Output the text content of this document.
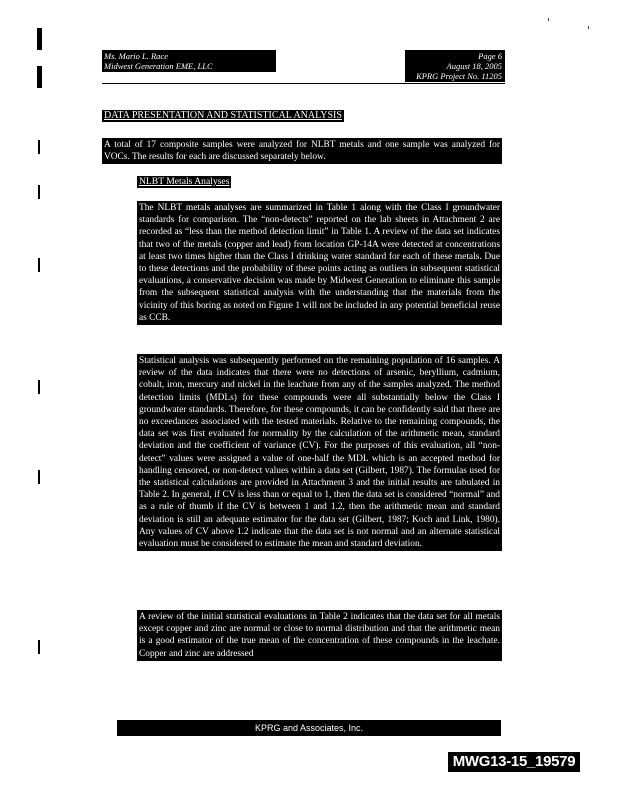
Ms. Mario L. Race
Midwest Generation EME, LLC
Page 6
August 18, 2005
KPRG Project No. 11205
DATA PRESENTATION AND STATISTICAL ANALYSIS
A total of 17 composite samples were analyzed for NLBT metals and one sample was analyzed for VOCs. The results for each are discussed separately below.
NLBT Metals Analyses
The NLBT metals analyses are summarized in Table 1 along with the Class I groundwater standards for comparison. The “non-detects” reported on the lab sheets in Attachment 2 are recorded as “less than the method detection limit” in Table 1. A review of the data set indicates that two of the metals (copper and lead) from location GP-14A were detected at concentrations at least two times higher than the Class I drinking water standard for each of these metals. Due to these detections and the probability of these points acting as outliers in subsequent statistical evaluations, a conservative decision was made by Midwest Generation to eliminate this sample from the subsequent statistical analysis with the understanding that the materials from the vicinity of this boring as noted on Figure 1 will not be included in any potential beneficial reuse as CCB.
Statistical analysis was subsequently performed on the remaining population of 16 samples. A review of the data indicates that there were no detections of arsenic, beryllium, cadmium, cobalt, iron, mercury and nickel in the leachate from any of the samples analyzed. The method detection limits (MDLs) for these compounds were all substantially below the Class I groundwater standards. Therefore, for these compounds, it can be confidently said that there are no exceedances associated with the tested materials. Relative to the remaining compounds, the data set was first evaluated for normality by the calculation of the arithmetic mean, standard deviation and the coefficient of variance (CV). For the purposes of this evaluation, all “non-detect” values were assigned a value of one-half the MDL which is an accepted method for handling censored, or non-detect values within a data set (Gilbert, 1987). The formulas used for the statistical calculations are provided in Attachment 3 and the initial results are tabulated in Table 2. In general, if CV is less than or equal to 1, then the data set is considered “normal” and as a rule of thumb if the CV is between 1 and 1.2, then the arithmetic mean and standard deviation is still an adequate estimator for the data set (Gilbert, 1987; Koch and Link, 1980). Any values of CV above 1.2 indicate that the data set is not normal and an alternate statistical evaluation must be considered to estimate the mean and standard deviation.
A review of the initial statistical evaluations in Table 2 indicates that the data set for all metals except copper and zinc are normal or close to normal distribution and that the arithmetic mean is a good estimator of the true mean of the concentration of these compounds in the leachate. Copper and zinc are addressed
KPRG and Associates, Inc.
MWG13-15_19579
